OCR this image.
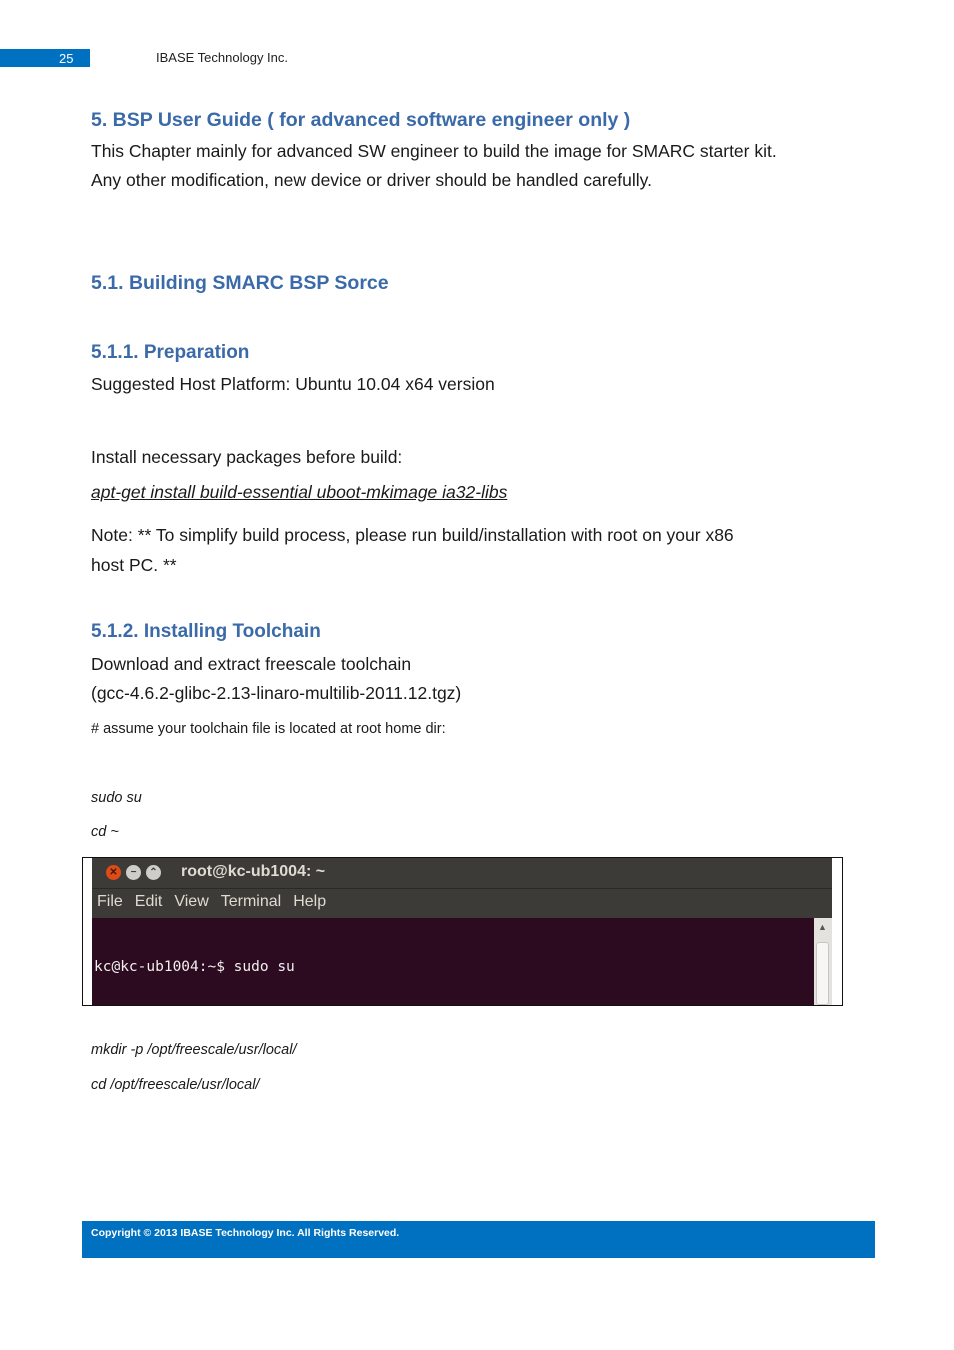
25	IBASE Technology Inc.
5. BSP User Guide ( for advanced software engineer only )
This Chapter mainly for advanced SW engineer to build the image for SMARC starter kit.
Any other modification, new device or driver should be handled carefully.
5.1. Building SMARC BSP Sorce
5.1.1. Preparation
Suggested Host Platform: Ubuntu 10.04 x64 version
Install necessary packages before build:
apt-get install build-essential uboot-mkimage ia32-libs
Note: ** To simplify build process, please run build/installation with root on your x86
host PC. **
5.1.2. Installing Toolchain
Download and extract freescale toolchain
(gcc-4.6.2-glibc-2.13-linaro-multilib-2011.12.tgz)
# assume your toolchain file is located at root home dir:
sudo su
cd ~
✕	−	⌃ root@kc-ub1004: ~
File Edit View Terminal Help

kc@kc-ub1004:~$ sudo su

▲
mkdir -p /opt/freescale/usr/local/
cd /opt/freescale/usr/local/
Copyright © 2013 IBASE Technology Inc. All Rights Reserved.
